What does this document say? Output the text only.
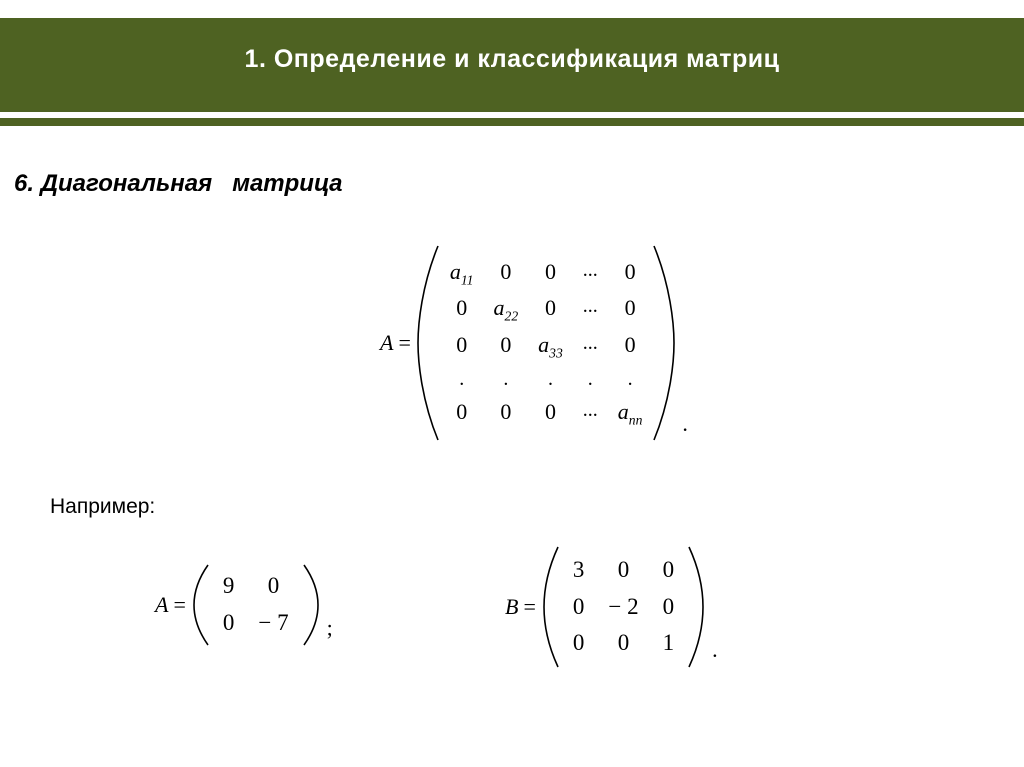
1. Определение и классификация матриц
6. Диагональная   матрица
A =
$a_{11}$	0	0	...	0
0	$a_{22}$	0	...	0
0	0	$a_{33}$	...	0
.	.	.	.	.
0	0	0	... $a_{nn}$	.
Например:
A =
9	0
0	− 7	;
B =
3	0	0
0	− 2	0
0	0	1	.
